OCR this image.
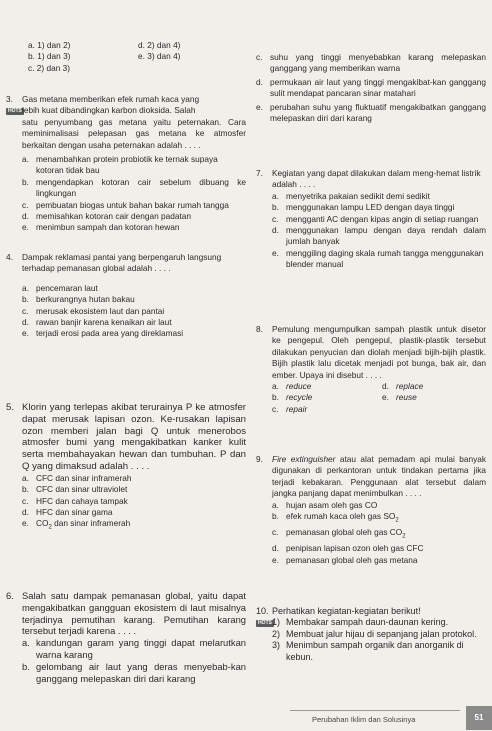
a. 1) dan 2)	d. 2) dan 4)
b. 1) dan 3)	e. 3) dan 4)
c. 2) dan 3)
3.	Gas metana memberikan efek rumah kaca yang
HOTS lebih kuat dibandingkan karbon dioksida. Salah
satu penyumbang gas metana yaitu peternakan. Cara meminimalisasi pelepasan gas metana ke atmosfer berkaitan dengan usaha peternakan adalah . . . .
a. menambahkan protein probiotik ke ternak supaya kotoran tidak bau
b. mengendapkan kotoran cair sebelum dibuang ke lingkungan
c. pembuatan biogas untuk bahan bakar rumah tangga
d. memisahkan kotoran cair dengan padatan
e. menimbun sampah dan kotoran hewan
4.	Dampak reklamasi pantai yang berpengaruh langsung terhadap pemanasan global adalah . . . .
a. pencemaran laut
b. berkurangnya hutan bakau
c. merusak ekosistem laut dan pantai
d. rawan banjir karena kenaikan air laut
e. terjadi erosi pada area yang direklamasi
5. Klorin yang terlepas akibat terurainya P ke atmosfer dapat merusak lapisan ozon. Ke-rusakan lapisan ozon memberi jalan bagi Q untuk menerobos atmosfer bumi yang mengakibatkan kanker kulit serta membahayakan hewan dan tumbuhan. P dan Q yang dimaksud adalah . . . .
a. CFC dan sinar inframerah
b. CFC dan sinar ultraviolet
c. HFC dan cahaya tampak
d. HFC dan sinar gama
e. $CO_2$ dan sinar inframerah
6. Salah satu dampak pemanasan global, yaitu dapat mengakibatkan gangguan ekosistem di laut misalnya terjadinya pemutihan karang. Pemutihan karang tersebut terjadi karena . . . .
a. kandungan garam yang tinggi dapat melarutkan warna karang
b. gelombang air laut yang deras menyebab-kan ganggang melepaskan diri dari karang
c. suhu yang tinggi menyebabkan karang melepaskan ganggang yang memberikan warna
d. permukaan air laut yang tinggi mengakibat-kan ganggang sulit mendapat pancaran sinar matahari
e. perubahan suhu yang fluktuatif mengakibatkan ganggang melepaskan diri dari karang
7.	Kegiatan yang dapat dilakukan dalam meng-hemat listrik adalah . . . .
a. menyetrika pakaian sedikit demi sedikit
b. menggunakan lampu LED dengan daya tinggi
c. mengganti AC dengan kipas angin di setiap ruangan
d. menggunakan lampu dengan daya rendah dalam jumlah banyak
e. menggiling daging skala rumah tangga menggunakan blender manual
8.	Pemulung mengumpulkan sampah plastik untuk disetor ke pengepul. Oleh pengepul, plastik-plastik tersebut dilakukan penyucian dan diolah menjadi bijih-bijih plastik. Bijih plastik lalu dicetak menjadi pot bunga, bak air, dan ember. Upaya ini disebut . . . .
a. reduce
b. recycle
c. repair
d. replace
e. reuse
9.	Fire extinguisher atau alat pemadam api mulai banyak digunakan di perkantoran untuk tindakan pertama jika terjadi kebakaran. Penggunaan alat tersebut dalam jangka panjang dapat menimbulkan . . . .
a. hujan asam oleh gas CO
b. efek rumah kaca oleh gas $SO_2$
c. pemanasan global oleh gas $CO_2$
d. penipisan lapisan ozon oleh gas CFC
e. pemanasan global oleh gas metana
10. Perhatikan kegiatan-kegiatan berikut!
HOTS 1) Membakar sampah daun-daunan kering.
2) Membuat jalur hijau di sepanjang jalan protokol.
3) Menimbun sampah organik dan anorganik di kebun.
Perubahan Iklim dan Solusinya	51
